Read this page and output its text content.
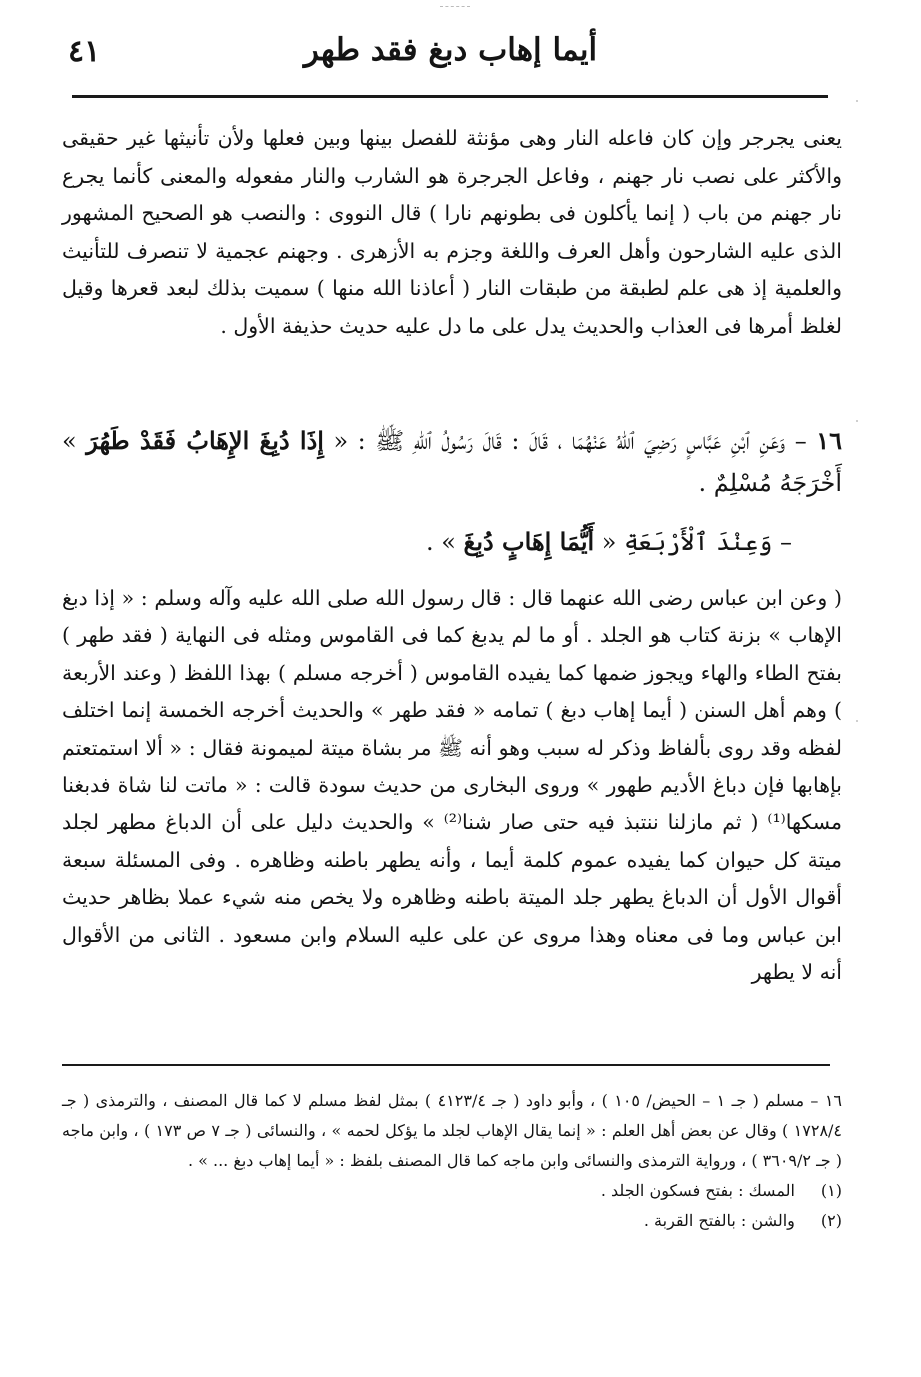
٤١	أيما إهاب دبغ فقد طهر

يعنى يجرجر وإن كان فاعله النار وهى مؤنثة للفصل بينها وبين فعلها ولأن تأنيثها غير حقيقى والأكثر على نصب نار جهنم ، وفاعل الجرجرة هو الشارب والنار مفعوله والمعنى كأنما يجرع نار جهنم من باب ( إنما يأكلون فى بطونهم نارا ) قال النووى : والنصب هو الصحيح المشهور الذى عليه الشارحون وأهل العرف واللغة وجزم به الأزهرى . وجهنم عجمية لا تنصرف للتأنيث والعلمية إذ هى علم لطبقة من طبقات النار ( أعاذنا الله منها ) سميت بذلك لبعد قعرها وقيل لغلظ أمرها فى العذاب والحديث يدل على ما دل عليه حديث حذيفة الأول .

١٦ – وَعَنِ ٱبْنِ عَبَّاسٍ رَضِيَ ٱللهُ عَنْهُمَا ، قَالَ : قَالَ رَسُولُ ٱللهِ ﷺ : « إِذَا دُبِغَ الإِهَابُ فَقَدْ طَهُرَ » أَخْرَجَهُ مُسْلِمٌ .

– وَعِنْدَ ٱلْأَرْبَعَةِ « أَيُّمَا إِهَابٍ دُبِغَ » .

( وعن ابن عباس رضى الله عنهما قال : قال رسول الله صلى الله عليه وآله وسلم : « إذا دبغ الإهاب » بزنة كتاب هو الجلد . أو ما لم يدبغ كما فى القاموس ومثله فى النهاية ( فقد طهر ) بفتح الطاء والهاء ويجوز ضمها كما يفيده القاموس ( أخرجه مسلم ) بهذا اللفظ ( وعند الأربعة ) وهم أهل السنن ( أيما إهاب دبغ ) تمامه « فقد طهر » والحديث أخرجه الخمسة إنما اختلف لفظه وقد روى بألفاظ وذكر له سبب وهو أنه ﷺ مر بشاة ميتة لميمونة فقال : « ألا استمتعتم بإهابها فإن دباغ الأديم طهور » وروى البخارى من حديث سودة قالت : « ماتت لنا شاة فدبغنا مسكها⁽¹⁾ ( ثم مازلنا ننتبذ فيه حتى صار شنا⁽²⁾ » والحديث دليل على أن الدباغ مطهر لجلد ميتة كل حيوان كما يفيده عموم كلمة أيما ، وأنه يطهر باطنه وظاهره . وفى المسئلة سبعة أقوال الأول أن الدباغ يطهر جلد الميتة باطنه وظاهره ولا يخص منه شيء عملا بظاهر حديث ابن عباس وما فى معناه وهذا مروى عن على عليه السلام وابن مسعود . الثانى من الأقوال أنه لا يطهر

١٦ – مسلم ( جـ ١ – الحيض/ ١٠٥ ) ، وأبو داود ( جـ ٤١٢٣/٤ ) بمثل لفظ مسلم لا كما قال المصنف ، والترمذى ( جـ ١٧٢٨/٤ ) وقال عن بعض أهل العلم : « إنما يقال الإهاب لجلد ما يؤكل لحمه » ، والنسائى ( جـ ٧ ص ١٧٣ ) ، وابن ماجه ( جـ ٣٦٠٩/٢ ) ، ورواية الترمذى والنسائى وابن ماجه كما قال المصنف بلفظ : « أيما إهاب دبغ ... » .

(١) المسك : بفتح فسكون الجلد .
(٢) والشن : بالفتح القربة .
